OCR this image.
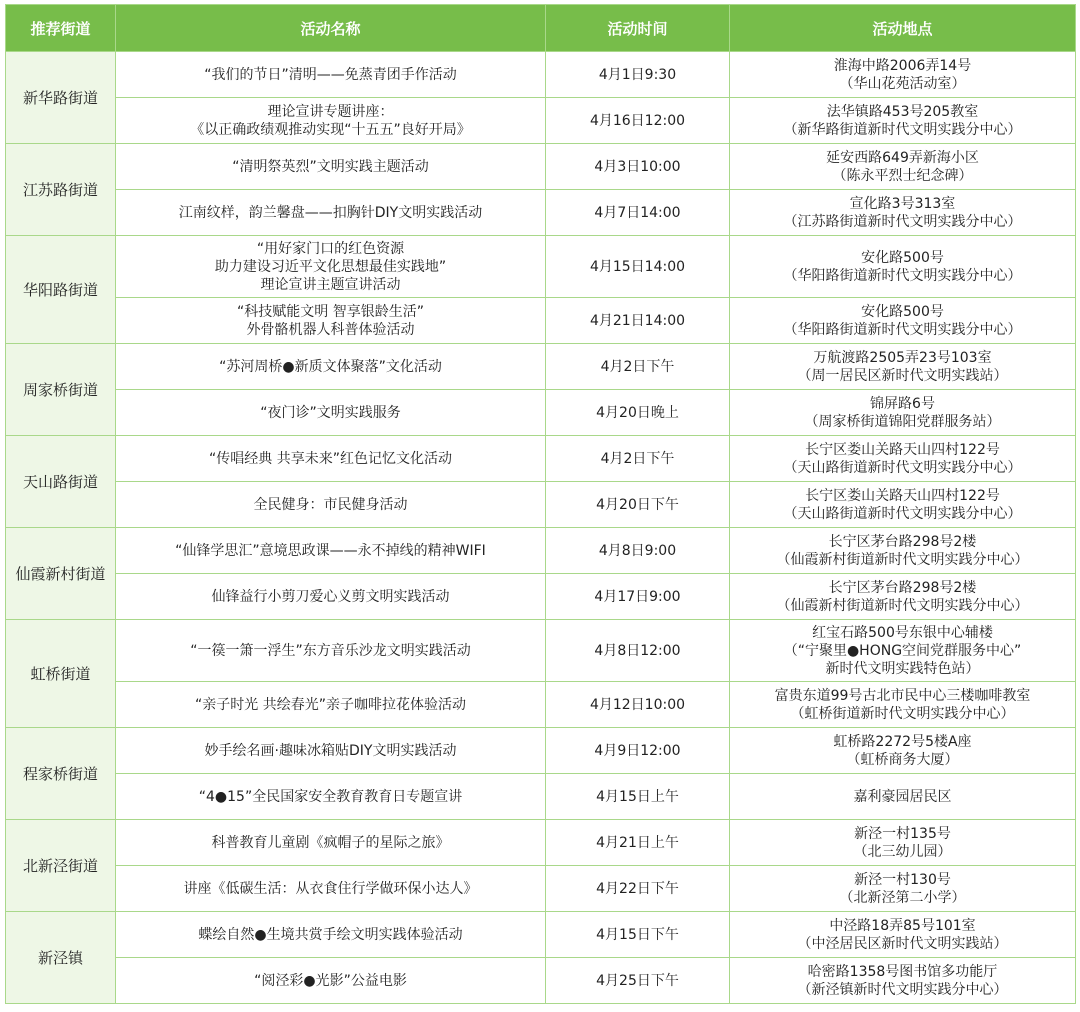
推荐街道	活动名称	活动时间	活动地点
新华路街道	“我们的节日”清明——免蒸青团手作活动	4月1日9:30	淮海中路2006弄14号
（华山花苑活动室）
	理论宣讲专题讲座：
《以正确政绩观推动实现“十五五”良好开局》	4月16日12:00	法华镇路453号205教室
（新华路街道新时代文明实践分中心）
江苏路街道	“清明祭英烈”文明实践主题活动	4月3日10:00	延安西路649弄新海小区
（陈永平烈士纪念碑）
	江南纹样，韵兰馨盘——扣胸针DIY文明实践活动	4月7日14:00	宣化路3号313室
（江苏路街道新时代文明实践分中心）
华阳路街道	“用好家门口的红色资源
助力建设习近平文化思想最佳实践地”
理论宣讲主题宣讲活动	4月15日14:00	安化路500号
（华阳路街道新时代文明实践分中心）
	“科技赋能文明 智享银龄生活”
外骨骼机器人科普体验活动	4月21日14:00	安化路500号
（华阳路街道新时代文明实践分中心）
周家桥街道	“苏河周桥●新质文体聚落”文化活动	4月2日下午	万航渡路2505弄23号103室
（周一居民区新时代文明实践站）
	“夜门诊”文明实践服务	4月20日晚上	锦屏路6号
（周家桥街道锦阳党群服务站）
天山路街道	“传唱经典 共享未来”红色记忆文化活动	4月2日下午	长宁区娄山关路天山四村122号
（天山路街道新时代文明实践分中心）
	全民健身：市民健身活动	4月20日下午	长宁区娄山关路天山四村122号
（天山路街道新时代文明实践分中心）
仙霞新村街道	“仙锋学思汇”意境思政课——永不掉线的精神WIFI	4月8日9:00	长宁区茅台路298号2楼
（仙霞新村街道新时代文明实践分中心）
	仙锋益行小剪刀爱心义剪文明实践活动	4月17日9:00	长宁区茅台路298号2楼
（仙霞新村街道新时代文明实践分中心）
虹桥街道	“一篌一箫一浮生”东方音乐沙龙文明实践活动	4月8日12:00	红宝石路500号东银中心辅楼
（“宁聚里●HONG空间党群服务中心”
新时代文明实践特色站）
	“亲子时光 共绘春光”亲子咖啡拉花体验活动	4月12日10:00	富贵东道99号古北市民中心三楼咖啡教室
（虹桥街道新时代文明实践分中心）
程家桥街道	妙手绘名画·趣味冰箱贴DIY文明实践活动	4月9日12:00	虹桥路2272号5楼A座
（虹桥商务大厦）
	“4●15”全民国家安全教育教育日专题宣讲	4月15日上午	嘉利豪园居民区
北新泾街道	科普教育儿童剧《疯帽子的星际之旅》	4月21日上午	新泾一村135号
（北三幼儿园）
	讲座《低碳生活：从衣食住行学做环保小达人》	4月22日下午	新泾一村130号
（北新泾第二小学）
新泾镇	蝶绘自然●生境共赏手绘文明实践体验活动	4月15日下午	中泾路18弄85号101室
（中泾居民区新时代文明实践站）
	“阅泾彩●光影”公益电影	4月25日下午	哈密路1358号图书馆多功能厅
（新泾镇新时代文明实践分中心）
